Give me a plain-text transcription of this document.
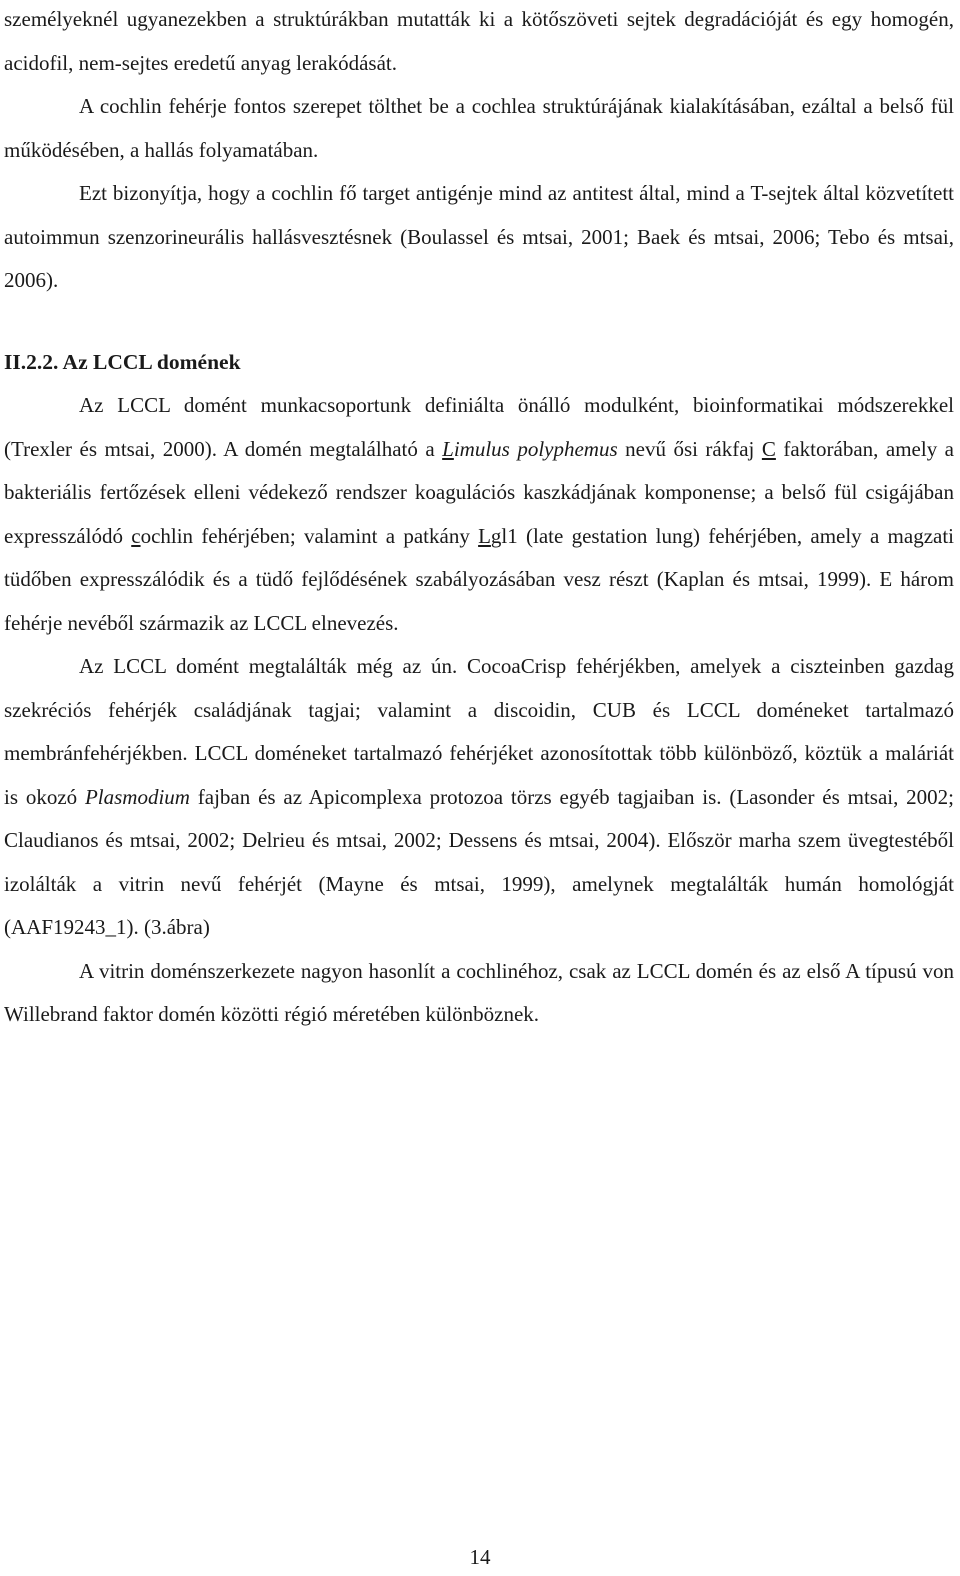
személyeknél ugyanezekben a struktúrákban mutatták ki a kötőszöveti sejtek degradációját és egy homogén, acidofil, nem-sejtes eredetű anyag lerakódását.

A cochlin fehérje fontos szerepet tölthet be a cochlea struktúrájának kialakításában, ezáltal a belső fül működésében, a hallás folyamatában.

Ezt bizonyítja, hogy a cochlin fő target antigénje mind az antitest által, mind a T-sejtek által közvetített autoimmun szenzorineurális hallásvesztésnek (Boulassel és mtsai, 2001; Baek és mtsai, 2006; Tebo és mtsai, 2006).

II.2.2. Az LCCL domének

Az LCCL domént munkacsoportunk definiálta önálló modulként, bioinformatikai módszerekkel (Trexler és mtsai, 2000). A domén megtalálható a Limulus polyphemus nevű ősi rákfaj C faktorában, amely a bakteriális fertőzések elleni védekező rendszer koagulációs kaszkádjának komponense; a belső fül csigájában expresszálódó cochlin fehérjében; valamint a patkány Lgl1 (late gestation lung) fehérjében, amely a magzati tüdőben expresszálódik és a tüdő fejlődésének szabályozásában vesz részt (Kaplan és mtsai, 1999). E három fehérje nevéből származik az LCCL elnevezés.

Az LCCL domént megtalálták még az ún. CocoaCrisp fehérjékben, amelyek a ciszteinben gazdag szekréciós fehérjék családjának tagjai; valamint a discoidin, CUB és LCCL doméneket tartalmazó membránfehérjékben. LCCL doméneket tartalmazó fehérjéket azonosítottak több különböző, köztük a maláriát is okozó Plasmodium fajban és az Apicomplexa protozoa törzs egyéb tagjaiban is. (Lasonder és mtsai, 2002; Claudianos és mtsai, 2002; Delrieu és mtsai, 2002; Dessens és mtsai, 2004). Először marha szem üvegtestéből izolálták a vitrin nevű fehérjét (Mayne és mtsai, 1999), amelynek megtalálták humán homológját (AAF19243_1). (3.ábra)

A vitrin doménszerkezete nagyon hasonlít a cochlinéhoz, csak az LCCL domén és az első A típusú von Willebrand faktor domén közötti régió méretében különböznek.

14
